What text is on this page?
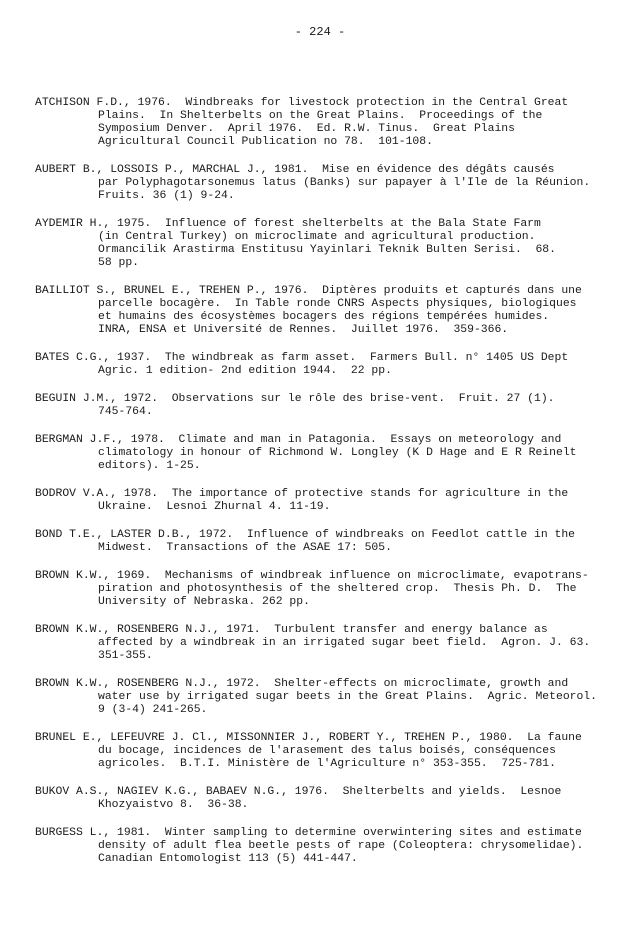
- 224 -
ATCHISON F.D., 1976.  Windbreaks for livestock protection in the Central Great
Plains.  In Shelterbelts on the Great Plains.  Proceedings of the
Symposium Denver.  April 1976.  Ed. R.W. Tinus.  Great Plains
Agricultural Council Publication no 78.  101-108.
AUBERT B., LOSSOIS P., MARCHAL J., 1981.  Mise en évidence des dégâts causés
par Polyphagotarsonemus latus (Banks) sur papayer à l'Ile de la Réunion.
Fruits. 36 (1) 9-24.
AYDEMIR H., 1975.  Influence of forest shelterbelts at the Bala State Farm
(in Central Turkey) on microclimate and agricultural production.
Ormancilik Arastirma Enstitusu Yayinlari Teknik Bulten Serisi.  68.
58 pp.
BAILLIOT S., BRUNEL E., TREHEN P., 1976.  Diptères produits et capturés dans une
parcelle bocagère.  In Table ronde CNRS Aspects physiques, biologiques
et humains des écosystèmes bocagers des régions tempérées humides.
INRA, ENSA et Université de Rennes.  Juillet 1976.  359-366.
BATES C.G., 1937.  The windbreak as farm asset.  Farmers Bull. n° 1405 US Dept
Agric. 1 edition- 2nd edition 1944.  22 pp.
BEGUIN J.M., 1972.  Observations sur le rôle des brise-vent.  Fruit. 27 (1).
745-764.
BERGMAN J.F., 1978.  Climate and man in Patagonia.  Essays on meteorology and
climatology in honour of Richmond W. Longley (K D Hage and E R Reinelt
editors). 1-25.
BODROV V.A., 1978.  The importance of protective stands for agriculture in the
Ukraine.  Lesnoi Zhurnal 4. 11-19.
BOND T.E., LASTER D.B., 1972.  Influence of windbreaks on Feedlot cattle in the
Midwest.  Transactions of the ASAE 17: 505.
BROWN K.W., 1969.  Mechanisms of windbreak influence on microclimate, evapotrans-
piration and photosynthesis of the sheltered crop.  Thesis Ph. D.  The
University of Nebraska. 262 pp.
BROWN K.W., ROSENBERG N.J., 1971.  Turbulent transfer and energy balance as
affected by a windbreak in an irrigated sugar beet field.  Agron. J. 63.
351-355.
BROWN K.W., ROSENBERG N.J., 1972.  Shelter-effects on microclimate, growth and
water use by irrigated sugar beets in the Great Plains.  Agric. Meteorol.
9 (3-4) 241-265.
BRUNEL E., LEFEUVRE J. Cl., MISSONNIER J., ROBERT Y., TREHEN P., 1980.  La faune
du bocage, incidences de l'arasement des talus boisés, conséquences
agricoles.  B.T.I. Ministère de l'Agriculture n° 353-355.  725-781.
BUKOV A.S., NAGIEV K.G., BABAEV N.G., 1976.  Shelterbelts and yields.  Lesnoe
Khozyaistvo 8.  36-38.
BURGESS L., 1981.  Winter sampling to determine overwintering sites and estimate
density of adult flea beetle pests of rape (Coleoptera: chrysomelidae).
Canadian Entomologist 113 (5) 441-447.
